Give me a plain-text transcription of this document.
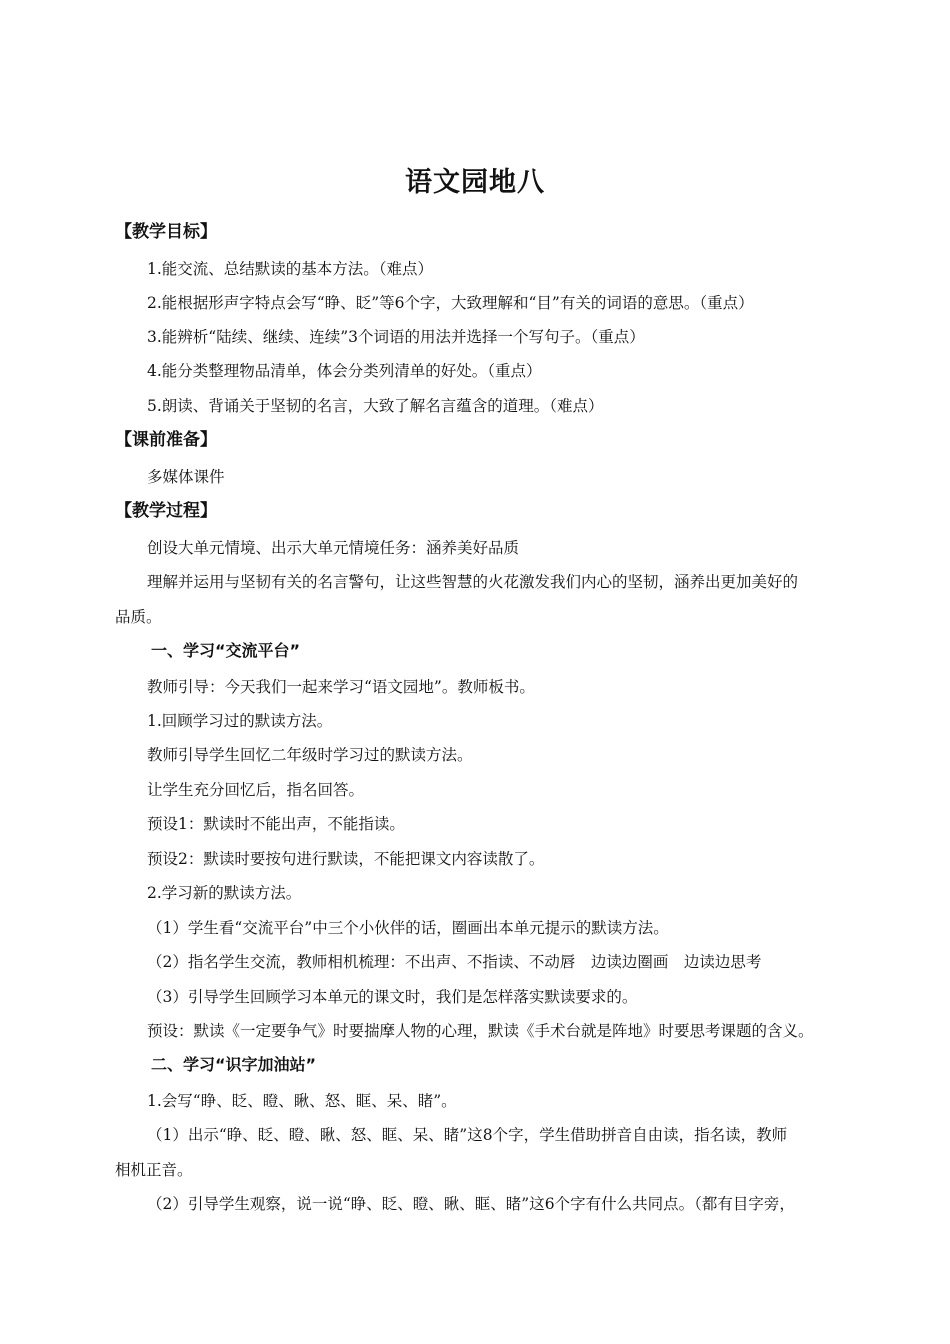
语文园地八
【教学目标】
1.能交流、总结默读的基本方法。（难点）
2.能根据形声字特点会写“睁、眨”等6个字，大致理解和“目”有关的词语的意思。（重点）
3.能辨析“陆续、继续、连续”3个词语的用法并选择一个写句子。（重点）
4.能分类整理物品清单，体会分类列清单的好处。（重点）
5.朗读、背诵关于坚韧的名言，大致了解名言蕴含的道理。（难点）
【课前准备】
多媒体课件
【教学过程】
创设大单元情境、出示大单元情境任务：涵养美好品质
理解并运用与坚韧有关的名言警句，让这些智慧的火花激发我们内心的坚韧，涵养出更加美好的
品质。
一、学习“交流平台”
教师引导：今天我们一起来学习“语文园地”。教师板书。
1.回顾学习过的默读方法。
教师引导学生回忆二年级时学习过的默读方法。
让学生充分回忆后，指名回答。
预设1：默读时不能出声，不能指读。
预设2：默读时要按句进行默读，不能把课文内容读散了。
2.学习新的默读方法。
（1）学生看“交流平台”中三个小伙伴的话，圈画出本单元提示的默读方法。
（2）指名学生交流，教师相机梳理：不出声、不指读、不动唇　边读边圈画　边读边思考
（3）引导学生回顾学习本单元的课文时，我们是怎样落实默读要求的。
预设：默读《一定要争气》时要揣摩人物的心理，默读《手术台就是阵地》时要思考课题的含义。
二、学习“识字加油站”
1.会写“睁、眨、瞪、瞅、怒、眶、呆、睹”。
（1）出示“睁、眨、瞪、瞅、怒、眶、呆、睹”这8个字，学生借助拼音自由读，指名读，教师
相机正音。
（2）引导学生观察，说一说“睁、眨、瞪、瞅、眶、睹”这6个字有什么共同点。（都有目字旁，
